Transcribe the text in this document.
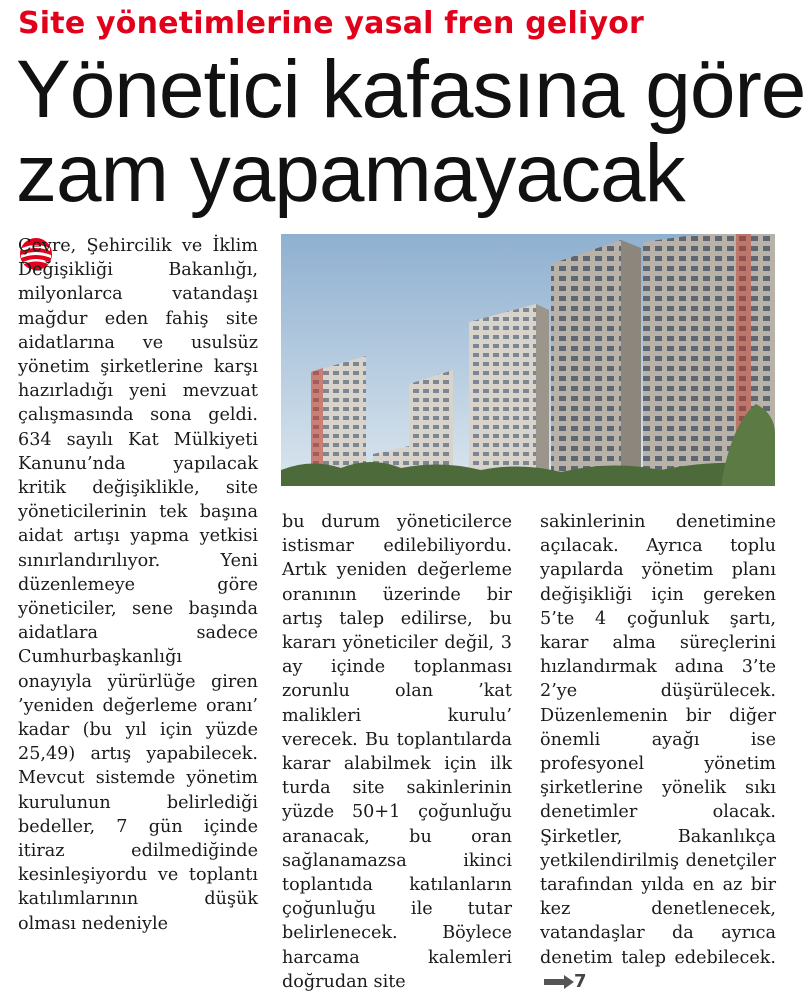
Site yönetimlerine yasal fren geliyor
Yönetici kafasına göre
zam yapamayacak

Çevre, Şehircilik ve İklim Değişikliği Bakanlığı, milyonlarca vatandaşı mağdur eden fahiş site aidatlarına ve usulsüz yönetim şirketlerine karşı hazırladığı yeni mevzuat çalışmasında sona geldi. 634 sayılı Kat Mülkiyeti Kanunu’nda yapılacak kritik değişiklikle, site yöneticilerinin tek başına aidat artışı yapma yetkisi sınırlandırılıyor. Yeni düzenlemeye göre yöneticiler, sene başında aidatlara sadece Cumhurbaşkanlığı onayıyla yürürlüğe giren ’yeniden değerleme oranı’ kadar (bu yıl için yüzde 25,49) artış yapabilecek. Mevcut sistemde yönetim kurulunun belirlediği bedeller, 7 gün içinde itiraz edilmediğinde kesinleşiyordu ve toplantı katılımlarının düşük olması nedeniyle

bu durum yöneticilerce istismar edilebiliyordu. Artık yeniden değerleme oranının üzerinde bir artış talep edilirse, bu kararı yöneticiler değil, 3 ay içinde toplanması zorunlu olan ’kat malikleri kurulu’ verecek. Bu toplantılarda karar alabilmek için ilk turda site sakinlerinin yüzde 50+1 çoğunluğu aranacak, bu oran sağlanamazsa ikinci toplantıda katılanların çoğunluğu ile tutar belirlenecek. Böylece harcama kalemleri doğrudan site

sakinlerinin denetimine açılacak. Ayrıca toplu yapılarda yönetim planı değişikliği için gereken 5’te 4 çoğunluk şartı, karar alma süreçlerini hızlandırmak adına 3’te 2’ye düşürülecek. Düzenlemenin bir diğer önemli ayağı ise profesyonel yönetim şirketlerine yönelik sıkı denetimler olacak. Şirketler, Bakanlıkça yetkilendirilmiş denetçiler tarafından yılda en az bir kez denetlenecek, vatandaşlar da ayrıca denetim talep edebilecek.7
